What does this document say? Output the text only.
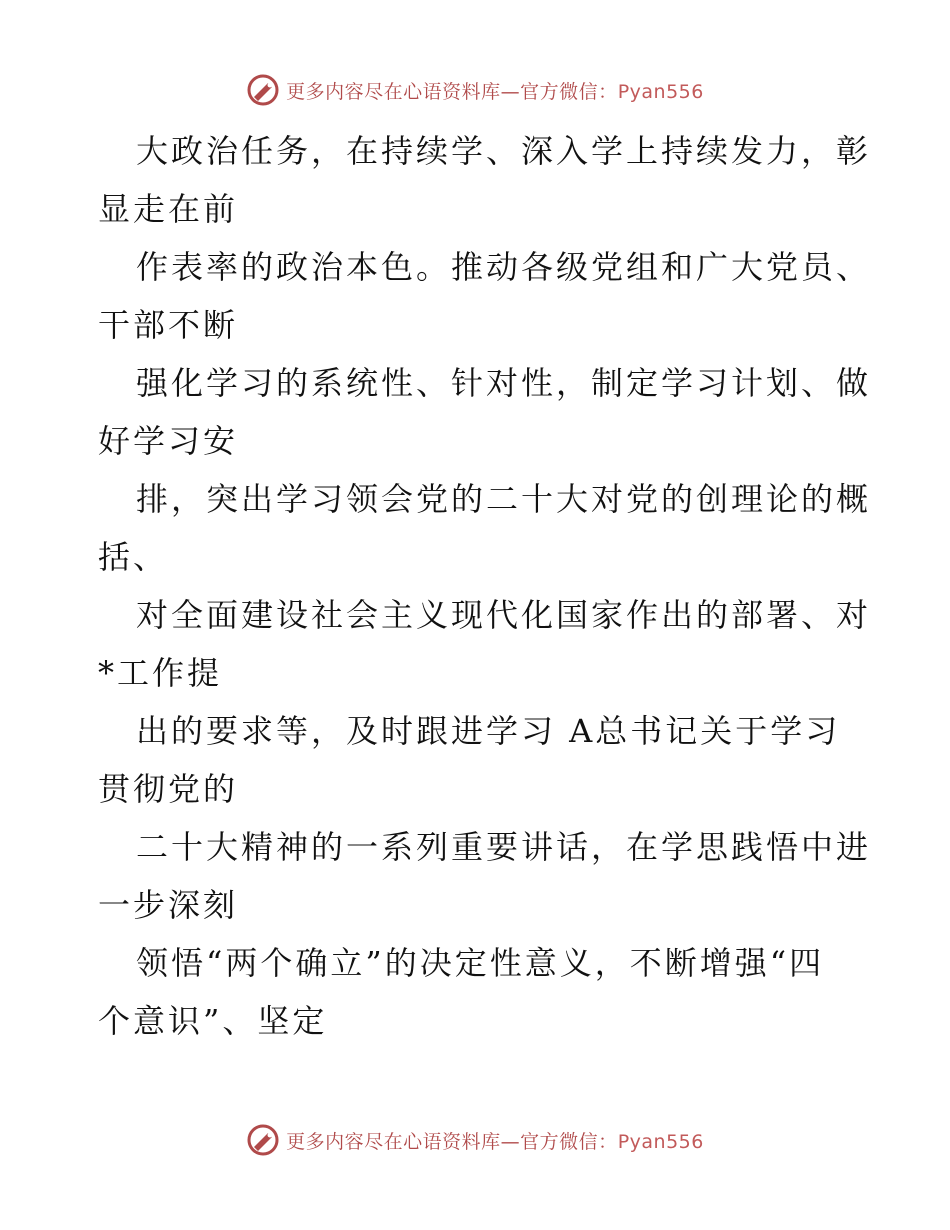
更多内容尽在心语资料库—官方微信：Pyan556
大政治任务，在持续学、深入学上持续发力，彰
显走在前
作表率的政治本色。推动各级党组和广大党员、
干部不断
强化学习的系统性、针对性，制定学习计划、做
好学习安
排，突出学习领会党的二十大对党的创理论的概
括、
对全面建设社会主义现代化国家作出的部署、对
*工作提
出的要求等，及时跟进学习 A总书记关于学习
贯彻党的
二十大精神的一系列重要讲话，在学思践悟中进
一步深刻
领悟“两个确立”的决定性意义，不断增强“四
个意识”、坚定
更多内容尽在心语资料库—官方微信：Pyan556
